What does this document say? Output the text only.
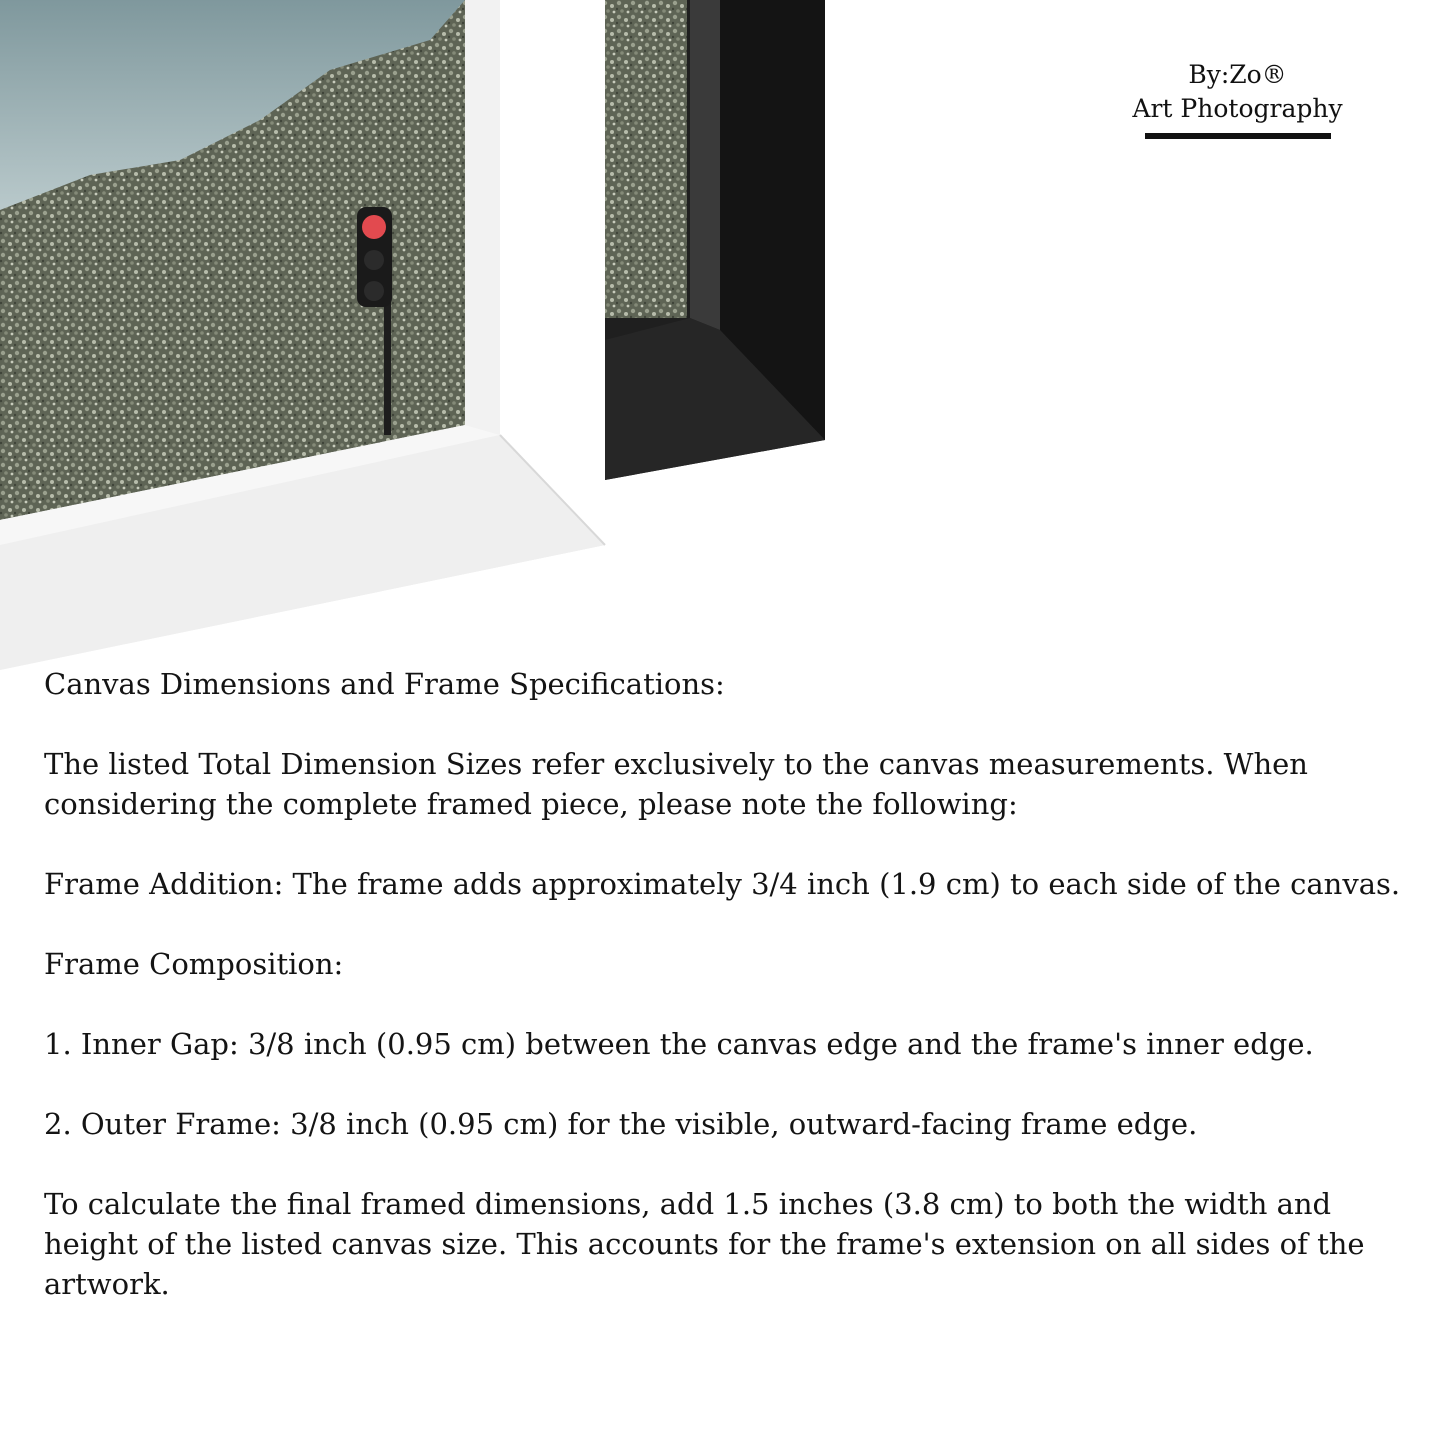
By:Zo®
Art Photography

Canvas Dimensions and Frame Specifications:

The listed Total Dimension Sizes refer exclusively to the canvas measurements. When considering the complete framed piece, please note the following:

Frame Addition: The frame adds approximately 3/4 inch (1.9 cm) to each side of the canvas.

Frame Composition:

1. Inner Gap: 3/8 inch (0.95 cm) between the canvas edge and the frame's inner edge.

2. Outer Frame: 3/8 inch (0.95 cm) for the visible, outward-facing frame edge.

To calculate the final framed dimensions, add 1.5 inches (3.8 cm) to both the width and height of the listed canvas size. This accounts for the frame's extension on all sides of the artwork.
